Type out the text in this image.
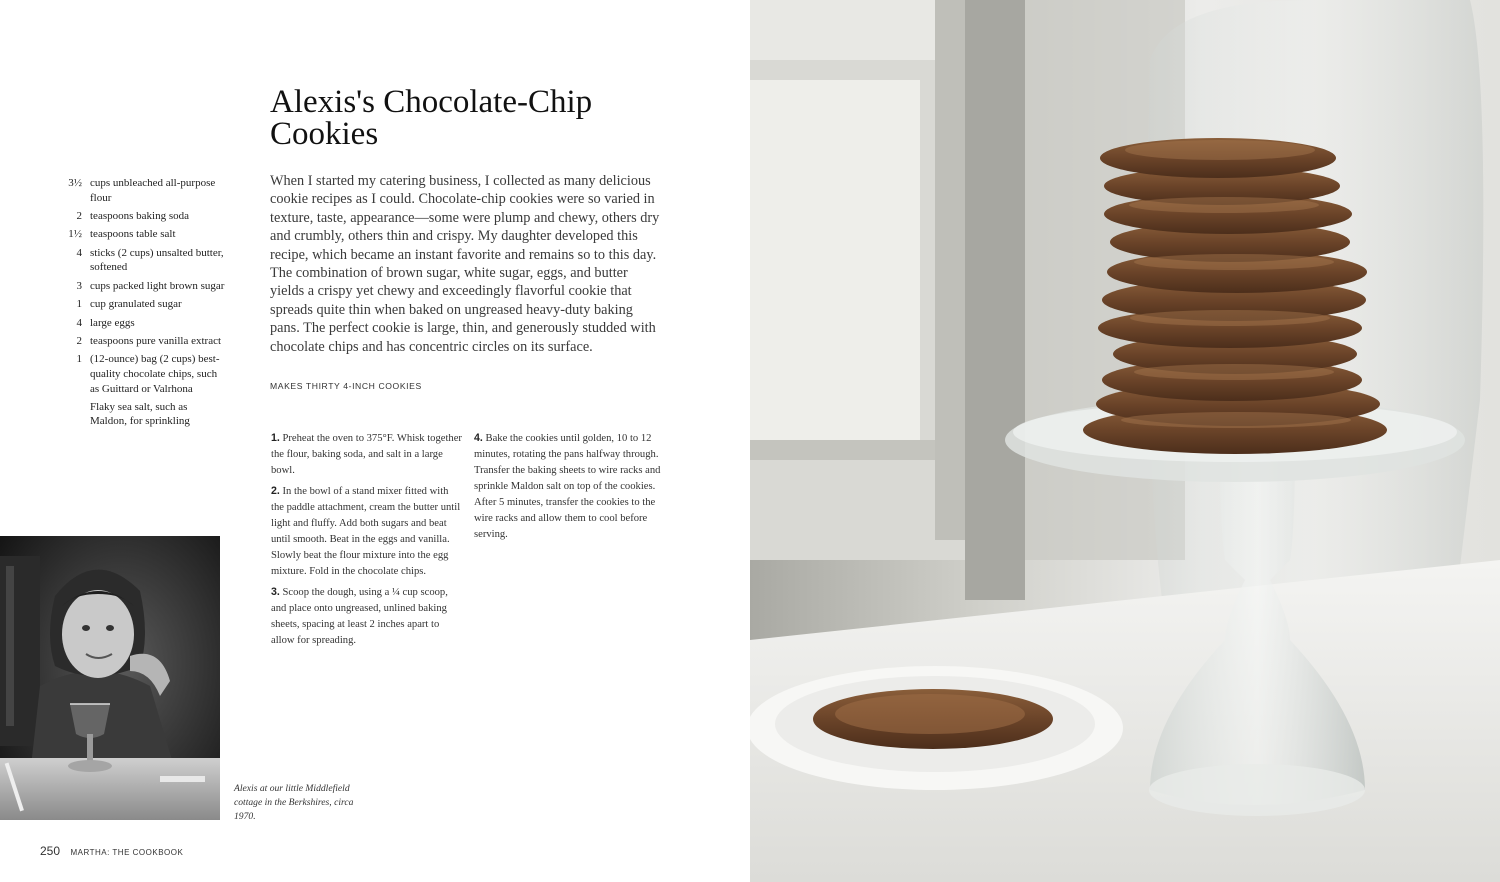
3½ cups unbleached all-purpose flour
2 teaspoons baking soda
1½ teaspoons table salt
4 sticks (2 cups) unsalted butter, softened
3 cups packed light brown sugar
1 cup granulated sugar
4 large eggs
2 teaspoons pure vanilla extract
1 (12-ounce) bag (2 cups) best-quality chocolate chips, such as Guittard or Valrhona
Flaky sea salt, such as Maldon, for sprinkling
Alexis's Chocolate-Chip Cookies

When I started my catering business, I collected as many delicious cookie recipes as I could. Chocolate-chip cookies were so varied in texture, taste, appearance—some were plump and chewy, others dry and crumbly, others thin and crispy. My daughter developed this recipe, which became an instant favorite and remains so to this day. The combination of brown sugar, white sugar, eggs, and butter yields a crispy yet chewy and exceedingly flavorful cookie that spreads quite thin when baked on ungreased heavy-duty baking pans. The perfect cookie is large, thin, and generously studded with chocolate chips and has concentric circles on its surface.

MAKES THIRTY 4-INCH COOKIES

1. Preheat the oven to 375°F. Whisk together the flour, baking soda, and salt in a large bowl.

2. In the bowl of a stand mixer fitted with the paddle attachment, cream the butter until light and fluffy. Add both sugars and beat until smooth. Beat in the eggs and vanilla. Slowly beat the flour mixture into the egg mixture. Fold in the chocolate chips.

3. Scoop the dough, using a ¼ cup scoop, and place onto ungreased, unlined baking sheets, spacing at least 2 inches apart to allow for spreading.

4. Bake the cookies until golden, 10 to 12 minutes, rotating the pans halfway through. Transfer the baking sheets to wire racks and sprinkle Maldon salt on top of the cookies. After 5 minutes, transfer the cookies to the wire racks and allow them to cool before serving.

Alexis at our little Middlefield cottage in the Berkshires, circa 1970.

250 MARTHA: THE COOKBOOK
